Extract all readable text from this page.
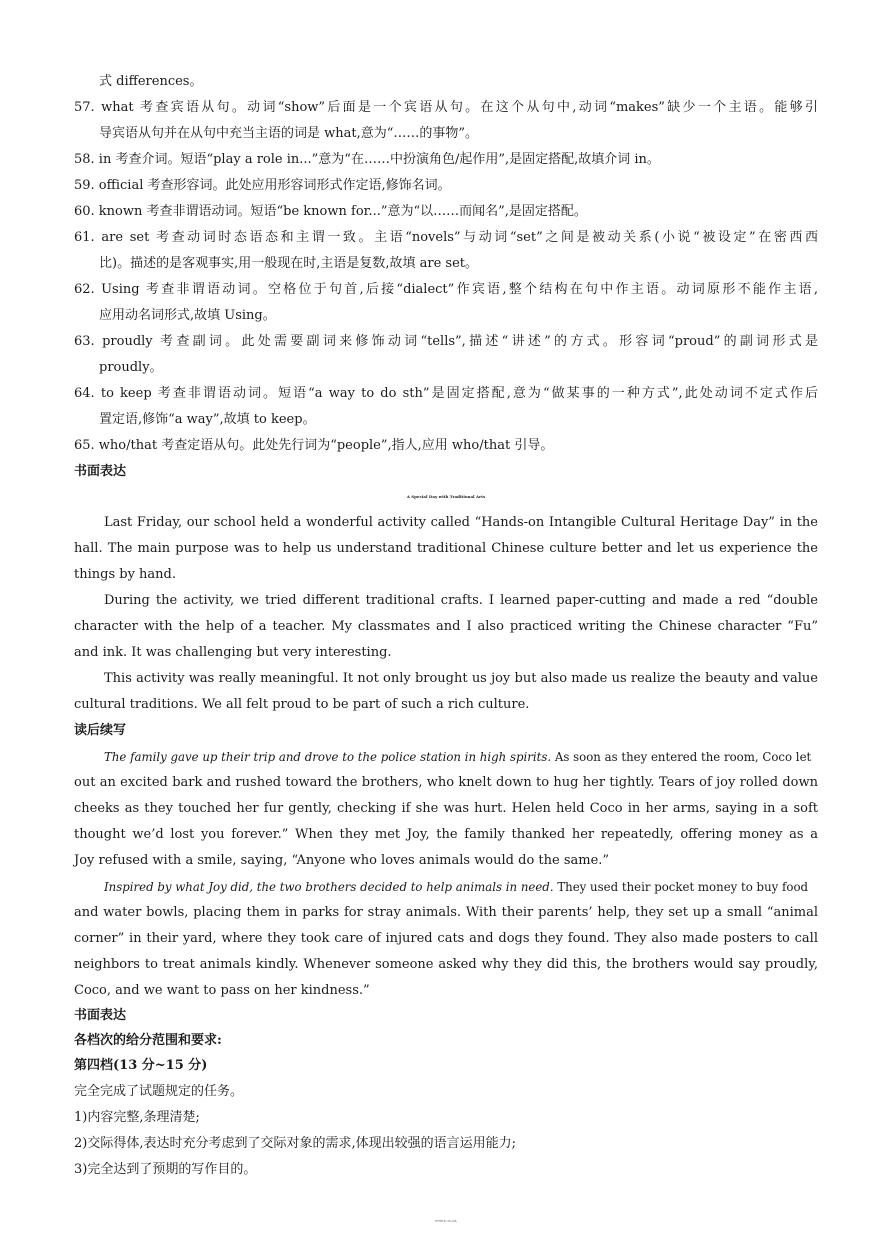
式 differences。
57. what 考查宾语从句。动词“show”后面是一个宾语从句。在这个从句中,动词“makes”缺少一个主语。能够引
导宾语从句并在从句中充当主语的词是 what,意为“……的事物”。
58. in 考查介词。短语“play a role in...”意为“在……中扮演角色/起作用”,是固定搭配,故填介词 in。
59. official 考查形容词。此处应用形容词形式作定语,修饰名词。
60. known 考查非谓语动词。短语“be known for...”意为“以……而闻名”,是固定搭配。
61. are set 考查动词时态语态和主谓一致。主语“novels”与动词“set”之间是被动关系(小说“被设定”在密西西
比)。描述的是客观事实,用一般现在时,主语是复数,故填 are set。
62. Using 考查非谓语动词。空格位于句首,后接“dialect”作宾语,整个结构在句中作主语。动词原形不能作主语,
应用动名词形式,故填 Using。
63. proudly 考查副词。此处需要副词来修饰动词“tells”,描述“讲述”的方式。形容词“proud”的副词形式是
proudly。
64. to keep 考查非谓语动词。短语“a way to do sth”是固定搭配,意为“做某事的一种方式”,此处动词不定式作后
置定语,修饰“a way”,故填 to keep。
65. who/that 考查定语从句。此处先行词为“people”,指人,应用 who/that 引导。
书面表达
A Special Day with Traditional Arts
Last Friday, our school held a wonderful activity called “Hands-on Intangible Cultural Heritage Day” in the
hall. The main purpose was to help us understand traditional Chinese culture better and let us experience the
things by hand.
During the activity, we tried different traditional crafts. I learned paper-cutting and made a red “double
character with the help of a teacher. My classmates and I also practiced writing the Chinese character “Fu”
and ink. It was challenging but very interesting.
This activity was really meaningful. It not only brought us joy but also made us realize the beauty and value
cultural traditions. We all felt proud to be part of such a rich culture.
读后续写
The family gave up their trip and drove to the police station in high spirits. As soon as they entered the room, Coco let
out an excited bark and rushed toward the brothers, who knelt down to hug her tightly. Tears of joy rolled down
cheeks as they touched her fur gently, checking if she was hurt. Helen held Coco in her arms, saying in a soft
thought we’d lost you forever.” When they met Joy, the family thanked her repeatedly, offering money as a
Joy refused with a smile, saying, “Anyone who loves animals would do the same.”
Inspired by what Joy did, the two brothers decided to help animals in need. They used their pocket money to buy food
and water bowls, placing them in parks for stray animals. With their parents’ help, they set up a small “animal
corner” in their yard, where they took care of injured cats and dogs they found. They also made posters to call
neighbors to treat animals kindly. Whenever someone asked why they did this, the brothers would say proudly,
Coco, and we want to pass on her kindness.”
书面表达
各档次的给分范围和要求:
第四档(13 分~15 分)
完全完成了试题规定的任务。
1)内容完整,条理清楚;
2)交际得体,表达时充分考虑到了交际对象的需求,体现出较强的语言运用能力;
3)完全达到了预期的写作目的。
英语答案 第 3 页(共6页)
